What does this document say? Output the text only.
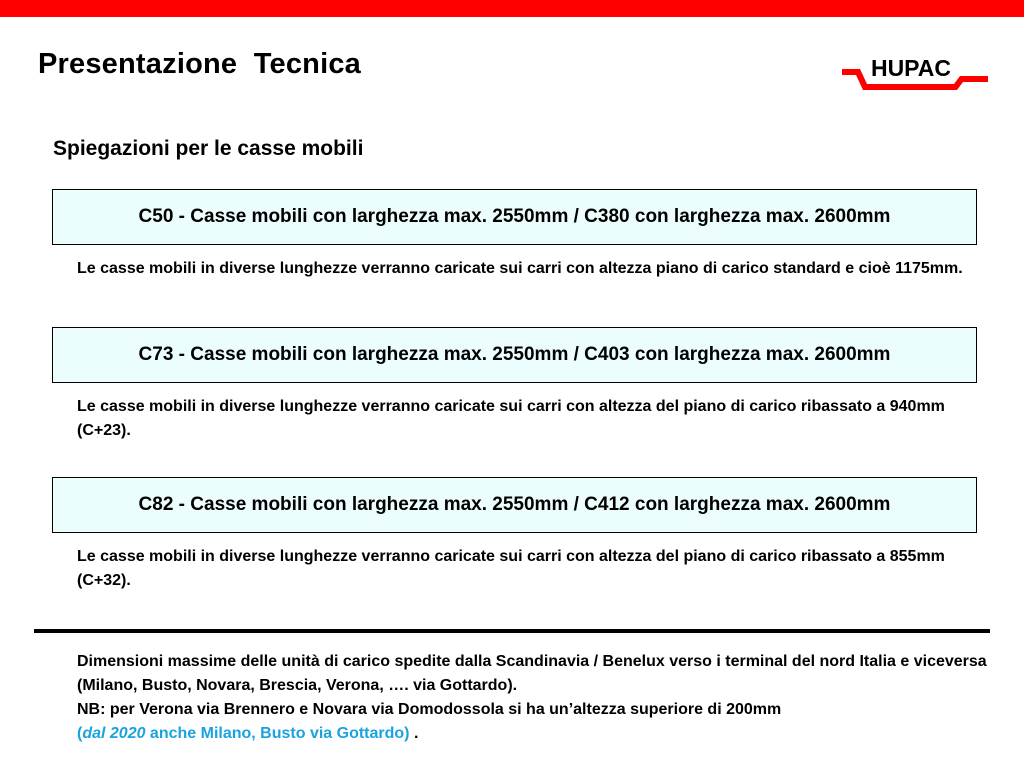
Presentazione  Tecnica	HUPAC
Spiegazioni per le casse mobili
C50 - Casse mobili con larghezza max. 2550mm / C380 con larghezza max. 2600mm

Le casse mobili in diverse lunghezze verranno caricate sui carri con altezza piano di carico standard e cioè 1175mm.

C73 - Casse mobili con larghezza max. 2550mm / C403 con larghezza max. 2600mm

Le casse mobili in diverse lunghezze verranno caricate sui carri con altezza del piano di carico ribassato a 940mm (C+23).

C82 - Casse mobili con larghezza max. 2550mm / C412 con larghezza max. 2600mm

Le casse mobili in diverse lunghezze verranno caricate sui carri con altezza del piano di carico ribassato a 855mm (C+32).

Dimensioni massime delle unità di carico spedite dalla Scandinavia / Benelux verso i terminal del nord Italia e viceversa (Milano, Busto, Novara, Brescia, Verona, …. via Gottardo).

NB: per Verona via Brennero e Novara via Domodossola si ha un’altezza superiore di 200mm

(dal 2020 anche Milano, Busto via Gottardo) .
